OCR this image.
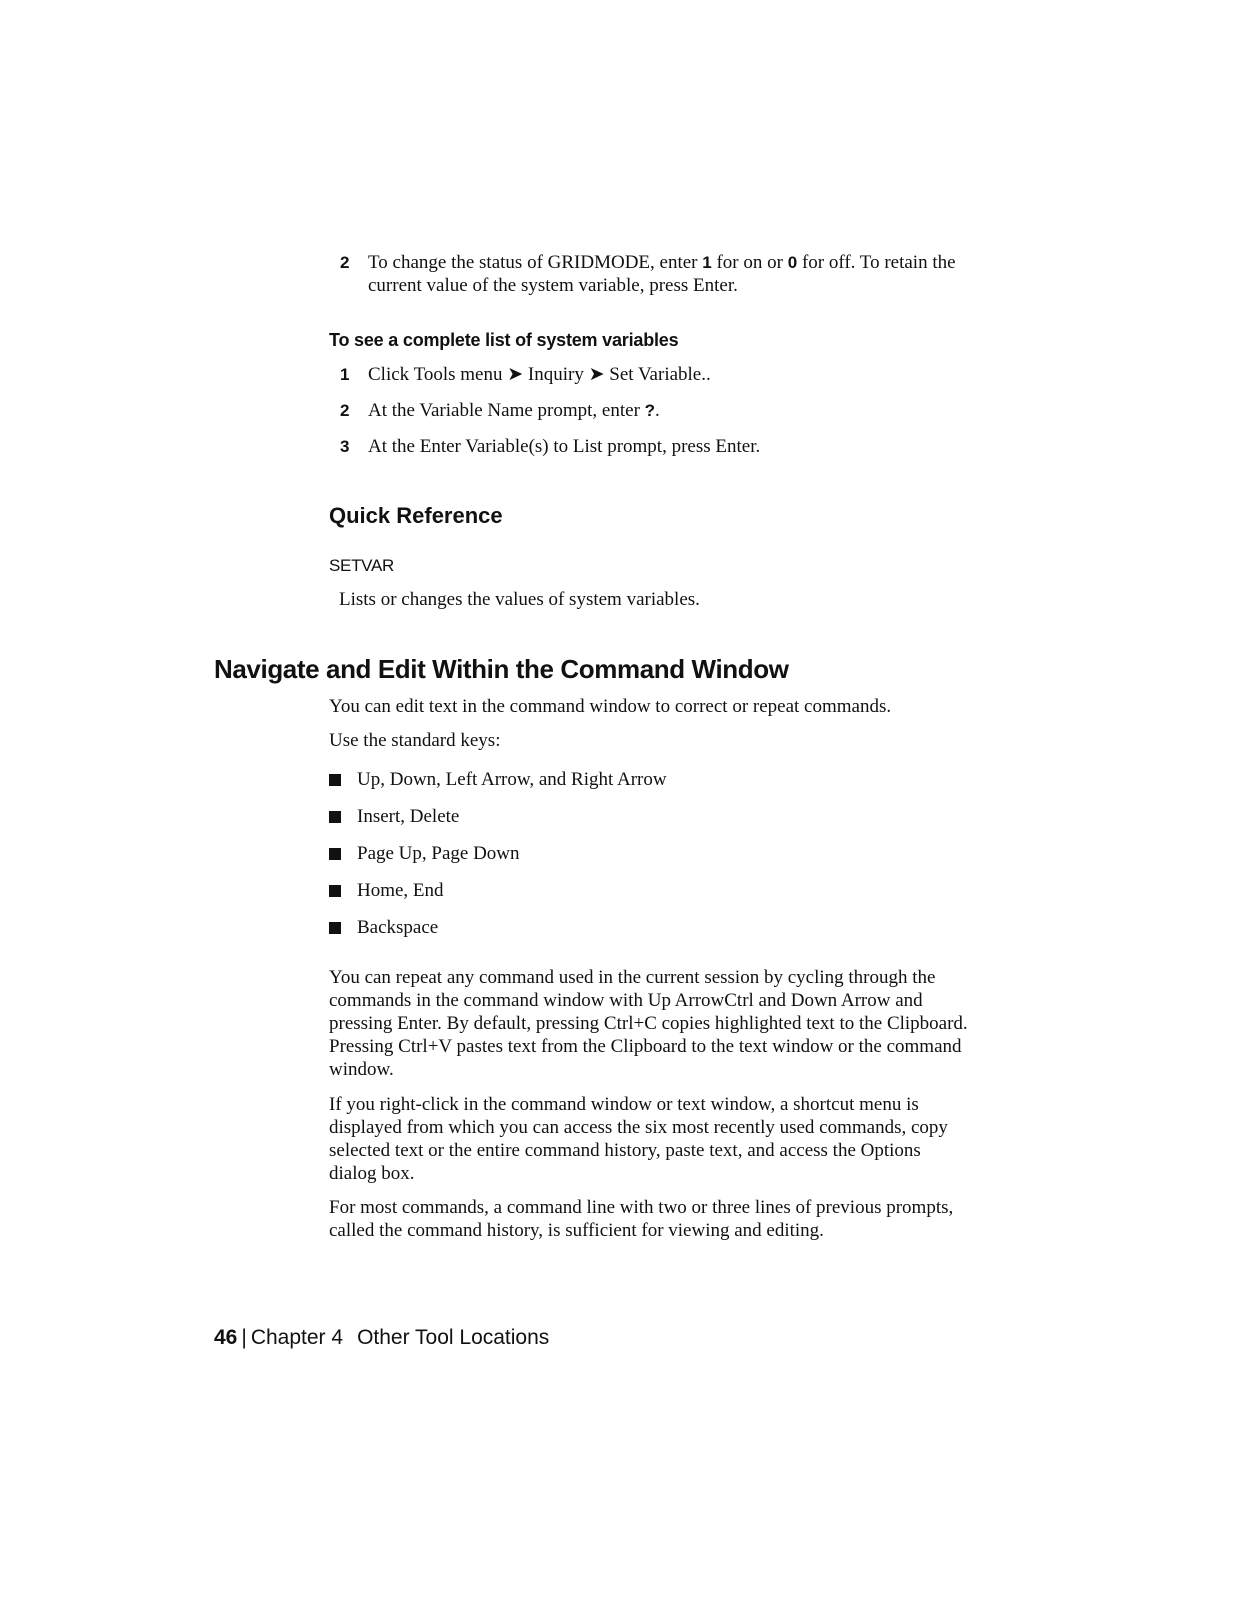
2 To change the status of GRIDMODE, enter 1 for on or 0 for off. To retain the current value of the system variable, press Enter.
To see a complete list of system variables
1 Click Tools menu ➤ Inquiry ➤ Set Variable..
2 At the Variable Name prompt, enter ?.
3 At the Enter Variable(s) to List prompt, press Enter.
Quick Reference
SETVAR
Lists or changes the values of system variables.
Navigate and Edit Within the Command Window
You can edit text in the command window to correct or repeat commands.
Use the standard keys:
Up, Down, Left Arrow, and Right Arrow
Insert, Delete
Page Up, Page Down
Home, End
Backspace
You can repeat any command used in the current session by cycling through the commands in the command window with Up ArrowCtrl and Down Arrow and pressing Enter. By default, pressing Ctrl+C copies highlighted text to the Clipboard. Pressing Ctrl+V pastes text from the Clipboard to the text window or the command window.
If you right-click in the command window or text window, a shortcut menu is displayed from which you can access the six most recently used commands, copy selected text or the entire command history, paste text, and access the Options dialog box.
For most commands, a command line with two or three lines of previous prompts, called the command history, is sufficient for viewing and editing.
46 | Chapter 4 Other Tool Locations
